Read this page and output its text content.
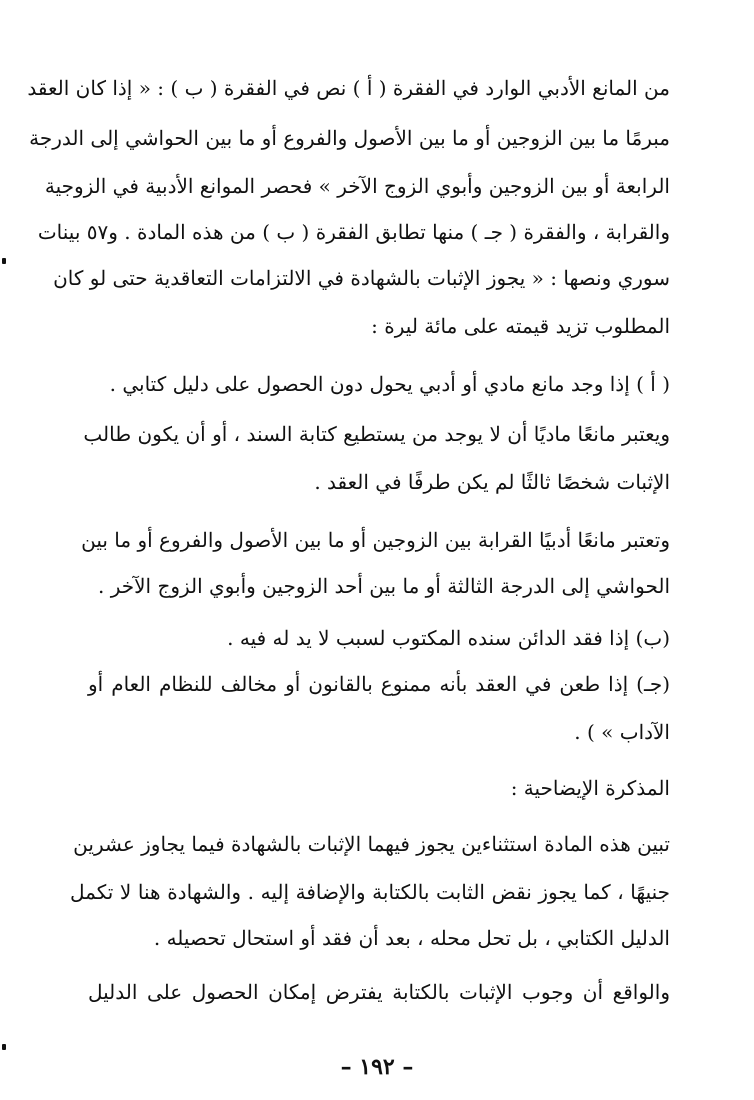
من المانع الأدبي الوارد في الفقرة ( أ ) نص في الفقرة ( ب ) : « إذا كان العقد
مبرمًا ما بين الزوجين أو ما بين الأصول والفروع أو ما بين الحواشي إلى الدرجة
الرابعة أو بين الزوجين وأبوي الزوج الآخر » فحصر الموانع الأدبية في الزوجية
والقرابة ، والفقرة ( جـ ) منها تطابق الفقرة ( ب ) من هذه المادة . و٥٧ بينات
سوري ونصها : « يجوز الإثبات بالشهادة في الالتزامات التعاقدية حتى لو كان
المطلوب تزيد قيمته على مائة ليرة :
( أ ) إذا وجد مانع مادي أو أدبي يحول دون الحصول على دليل كتابي .
ويعتبر مانعًا ماديًا أن لا يوجد من يستطيع كتابة السند ، أو أن يكون طالب
الإثبات شخصًا ثالثًا لم يكن طرفًا في العقد .
وتعتبر مانعًا أدبيًا القرابة بين الزوجين أو ما بين الأصول والفروع أو ما بين
الحواشي إلى الدرجة الثالثة أو ما بين أحد الزوجين وأبوي الزوج الآخر .
(ب) إذا فقد الدائن سنده المكتوب لسبب لا يد له فيه .
(جـ) إذا طعن في العقد بأنه ممنوع بالقانون أو مخالف للنظام العام أو
الآداب » ) .
المذكرة الإيضاحية :
تبين هذه المادة استثناءين يجوز فيهما الإثبات بالشهادة فيما يجاوز عشرين
جنيهًا ، كما يجوز نقض الثابت بالكتابة والإضافة إليه . والشهادة هنا لا تكمل
الدليل الكتابي ، بل تحل محله ، بعد أن فقد أو استحال تحصيله .
والواقع أن وجوب الإثبات بالكتابة يفترض إمكان الحصول على الدليل
– ١٩٢ –
